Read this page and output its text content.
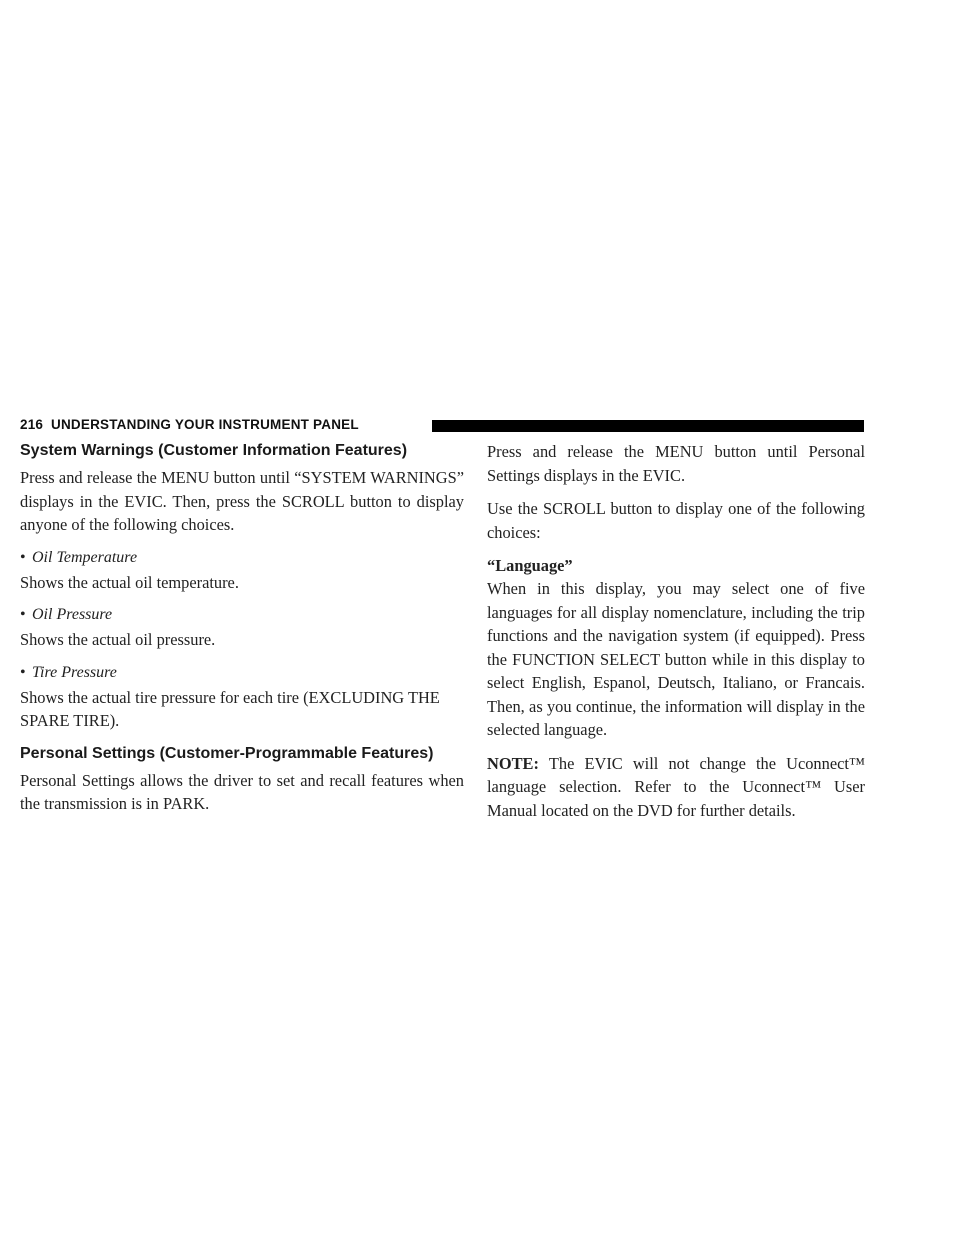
216 UNDERSTANDING YOUR INSTRUMENT PANEL
System Warnings (Customer Information Features)

Press and release the MENU button until “SYSTEM WARNINGS” displays in the EVIC. Then, press the SCROLL button to display anyone of the following choices.

• Oil Temperature

Shows the actual oil temperature.

• Oil Pressure

Shows the actual oil pressure.

• Tire Pressure

Shows the actual tire pressure for each tire (EXCLUDING THE SPARE TIRE).

Personal Settings (Customer-Programmable Features)

Personal Settings allows the driver to set and recall features when the transmission is in PARK.

Press and release the MENU button until Personal Settings displays in the EVIC.

Use the SCROLL button to display one of the following choices:

“Language”

When in this display, you may select one of five languages for all display nomenclature, including the trip functions and the navigation system (if equipped). Press the FUNCTION SELECT button while in this display to select English, Espanol, Deutsch, Italiano, or Francais. Then, as you continue, the information will display in the selected language.

NOTE: The EVIC will not change the Uconnect™ language selection. Refer to the Uconnect™ User Manual located on the DVD for further details.
